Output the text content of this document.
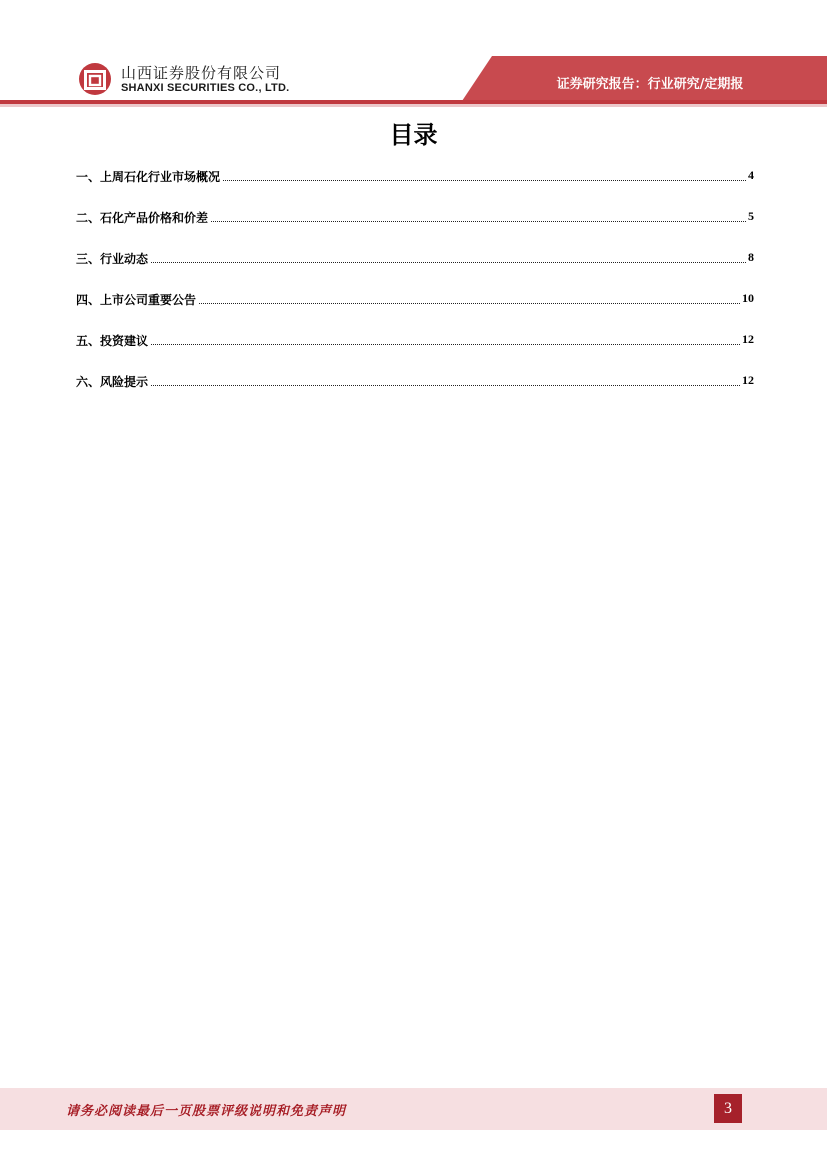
山西证券股份有限公司
SHANXI SECURITIES CO., LTD.	证券研究报告：行业研究/定期报
目录
一、上周石化行业市场概况	4
二、石化产品价格和价差	5
三、行业动态	8
四、上市公司重要公告	10
五、投资建议	12
六、风险提示	12
请务必阅读最后一页股票评级说明和免责声明	3
